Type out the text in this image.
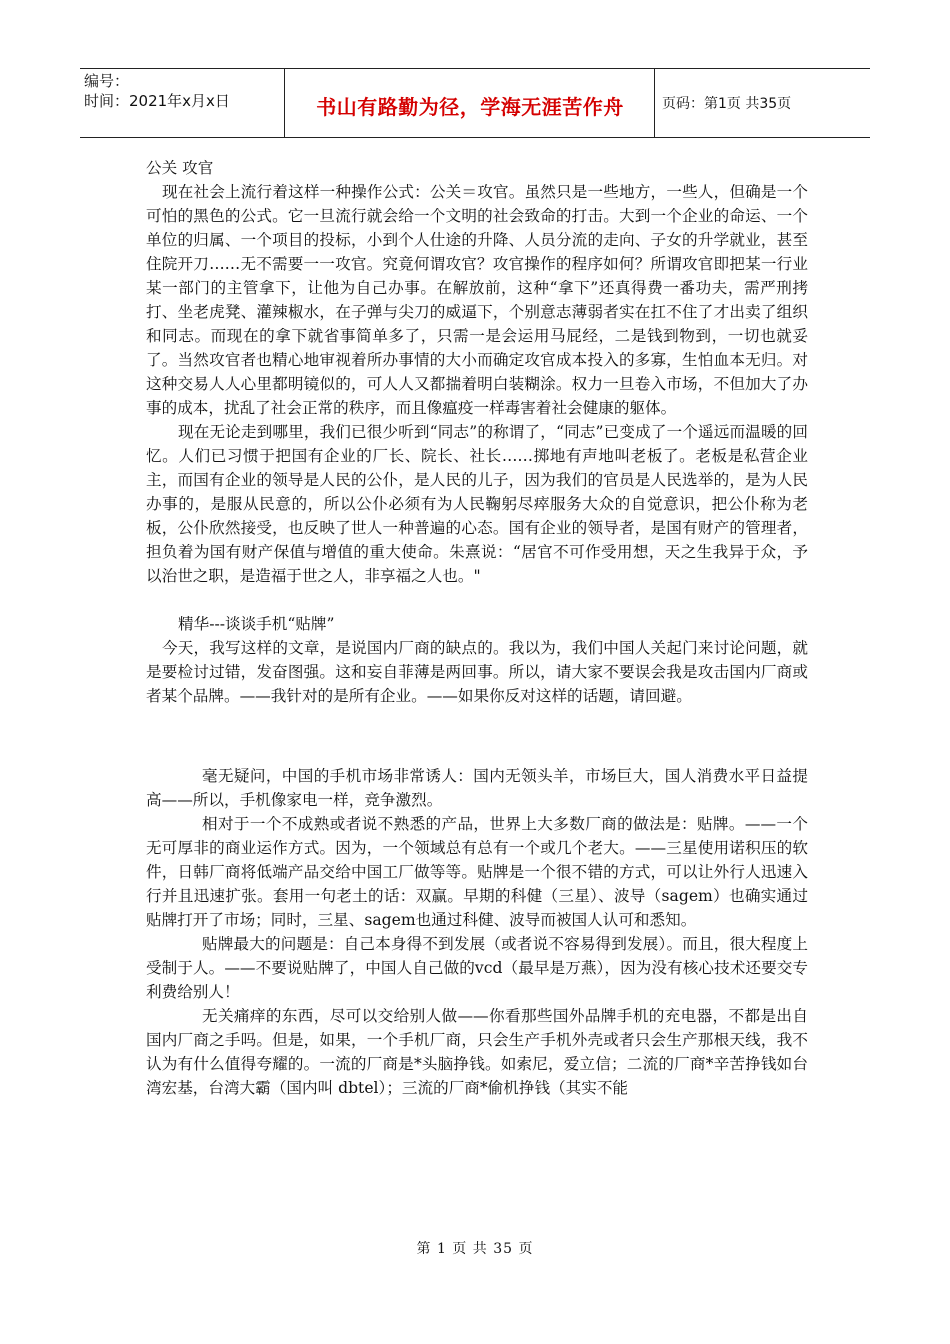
编号：
时间：2021年x月x日	书山有路勤为径，学海无涯苦作舟	页码：第1页 共35页

公关 攻官

现在社会上流行着这样一种操作公式：公关＝攻官。虽然只是一些地方，一些人，但确是一个可怕的黑色的公式。它一旦流行就会给一个文明的社会致命的打击。大到一个企业的命运、一个单位的归属、一个项目的投标，小到个人仕途的升降、人员分流的走向、子女的升学就业，甚至住院开刀……无不需要一一攻官。究竟何谓攻官？攻官操作的程序如何？所谓攻官即把某一行业某一部门的主管拿下，让他为自己办事。在解放前，这种“拿下”还真得费一番功夫，需严刑拷打、坐老虎凳、灌辣椒水，在子弹与尖刀的威逼下，个别意志薄弱者实在扛不住了才出卖了组织和同志。而现在的拿下就省事简单多了，只需一是会运用马屁经，二是钱到物到，一切也就妥了。当然攻官者也精心地审视着所办事情的大小而确定攻官成本投入的多寡，生怕血本无归。对这种交易人人心里都明镜似的，可人人又都揣着明白装糊涂。权力一旦卷入市场，不但加大了办事的成本，扰乱了社会正常的秩序，而且像瘟疫一样毒害着社会健康的躯体。

现在无论走到哪里，我们已很少听到“同志”的称谓了，“同志”已变成了一个遥远而温暖的回忆。人们已习惯于把国有企业的厂长、院长、社长……掷地有声地叫老板了。老板是私营企业主，而国有企业的领导是人民的公仆，是人民的儿子，因为我们的官员是人民选举的，是为人民办事的，是服从民意的，所以公仆必须有为人民鞠躬尽瘁服务大众的自觉意识，把公仆称为老板，公仆欣然接受，也反映了世人一种普遍的心态。国有企业的领导者，是国有财产的管理者，担负着为国有财产保值与增值的重大使命。朱熹说：“居官不可作受用想，天之生我异于众，予以治世之职，是造福于世之人，非享福之人也。"

精华---谈谈手机“贴牌”

今天，我写这样的文章，是说国内厂商的缺点的。我以为，我们中国人关起门来讨论问题，就是要检讨过错，发奋图强。这和妄自菲薄是两回事。所以，请大家不要误会我是攻击国内厂商或者某个品牌。——我针对的是所有企业。——如果你反对这样的话题，请回避。

毫无疑问，中国的手机市场非常诱人：国内无领头羊，市场巨大，国人消费水平日益提高——所以，手机像家电一样，竞争激烈。

相对于一个不成熟或者说不熟悉的产品，世界上大多数厂商的做法是：贴牌。——一个无可厚非的商业运作方式。因为，一个领域总有总有一个或几个老大。——三星使用诺积压的软件，日韩厂商将低端产品交给中国工厂做等等。贴牌是一个很不错的方式，可以让外行人迅速入行并且迅速扩张。套用一句老土的话：双赢。早期的科健（三星）、波导（sagem）也确实通过贴牌打开了市场；同时，三星、sagem也通过科健、波导而被国人认可和悉知。

贴牌最大的问题是：自己本身得不到发展（或者说不容易得到发展）。而且，很大程度上受制于人。——不要说贴牌了，中国人自己做的vcd（最早是万燕），因为没有核心技术还要交专利费给别人！

无关痛痒的东西，尽可以交给别人做——你看那些国外品牌手机的充电器，不都是出自国内厂商之手吗。但是，如果，一个手机厂商，只会生产手机外壳或者只会生产那根天线，我不认为有什么值得夸耀的。一流的厂商是*头脑挣钱。如索尼，爱立信；二流的厂商*辛苦挣钱如台湾宏基，台湾大霸（国内叫 dbtel）；三流的厂商*偷机挣钱（其实不能

第 1 页 共 35 页
